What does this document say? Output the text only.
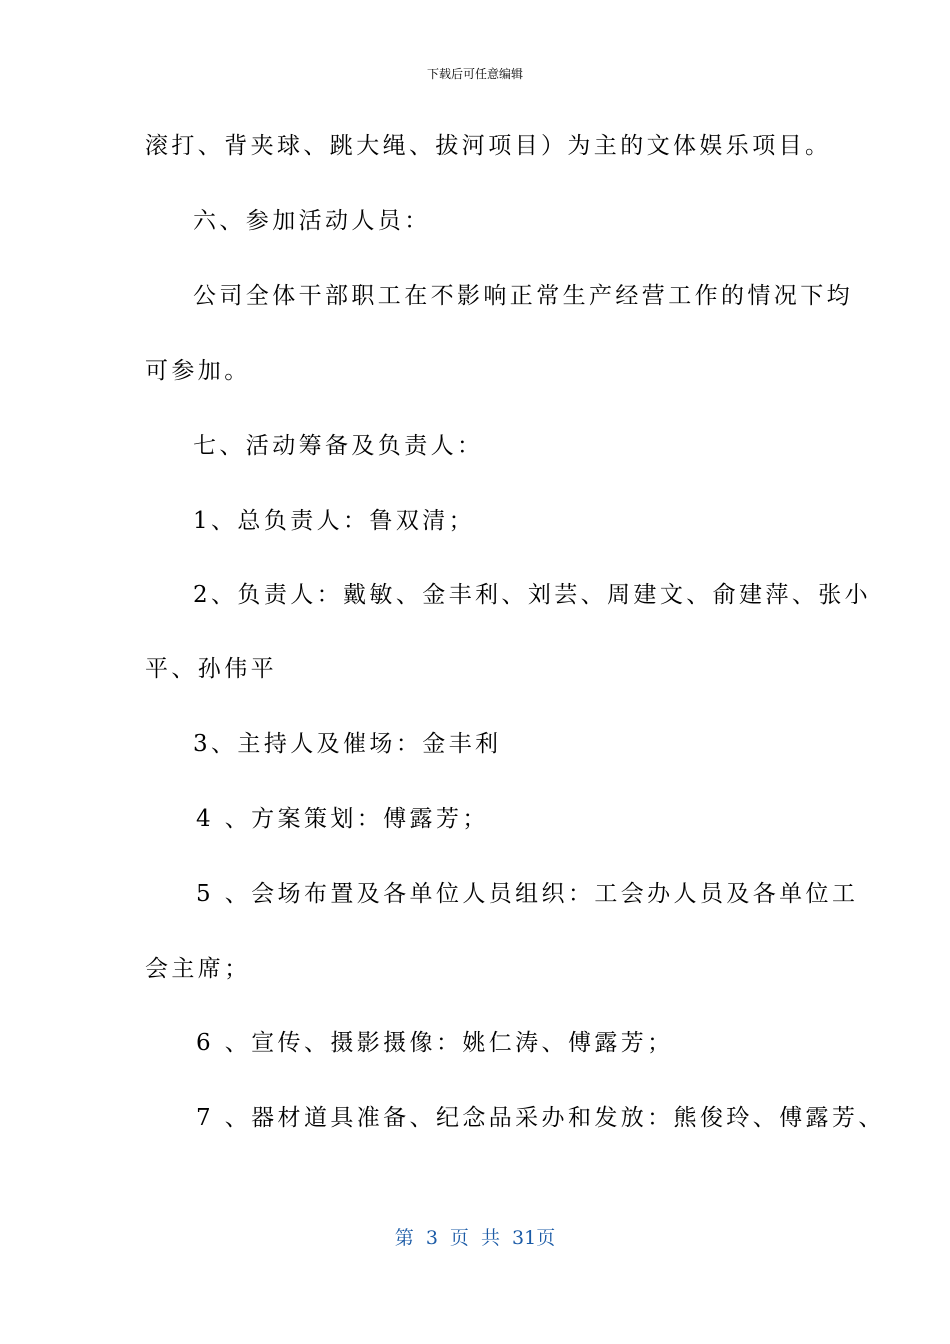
下载后可任意编辑
滚打、背夹球、跳大绳、拔河项目）为主的文体娱乐项目。
六、参加活动人员：
公司全体干部职工在不影响正常生产经营工作的情况下均
可参加。
七、活动筹备及负责人：
1、总负责人：鲁双清；
2、负责人：戴敏、金丰利、刘芸、周建文、俞建萍、张小
平、孙伟平
3、主持人及催场：金丰利
4 、方案策划：傅露芳；
5 、会场布置及各单位人员组织：工会办人员及各单位工
会主席；
6 、宣传、摄影摄像：姚仁涛、傅露芳；
7 、器材道具准备、纪念品采办和发放：熊俊玲、傅露芳、
第 3 页  共 31页
